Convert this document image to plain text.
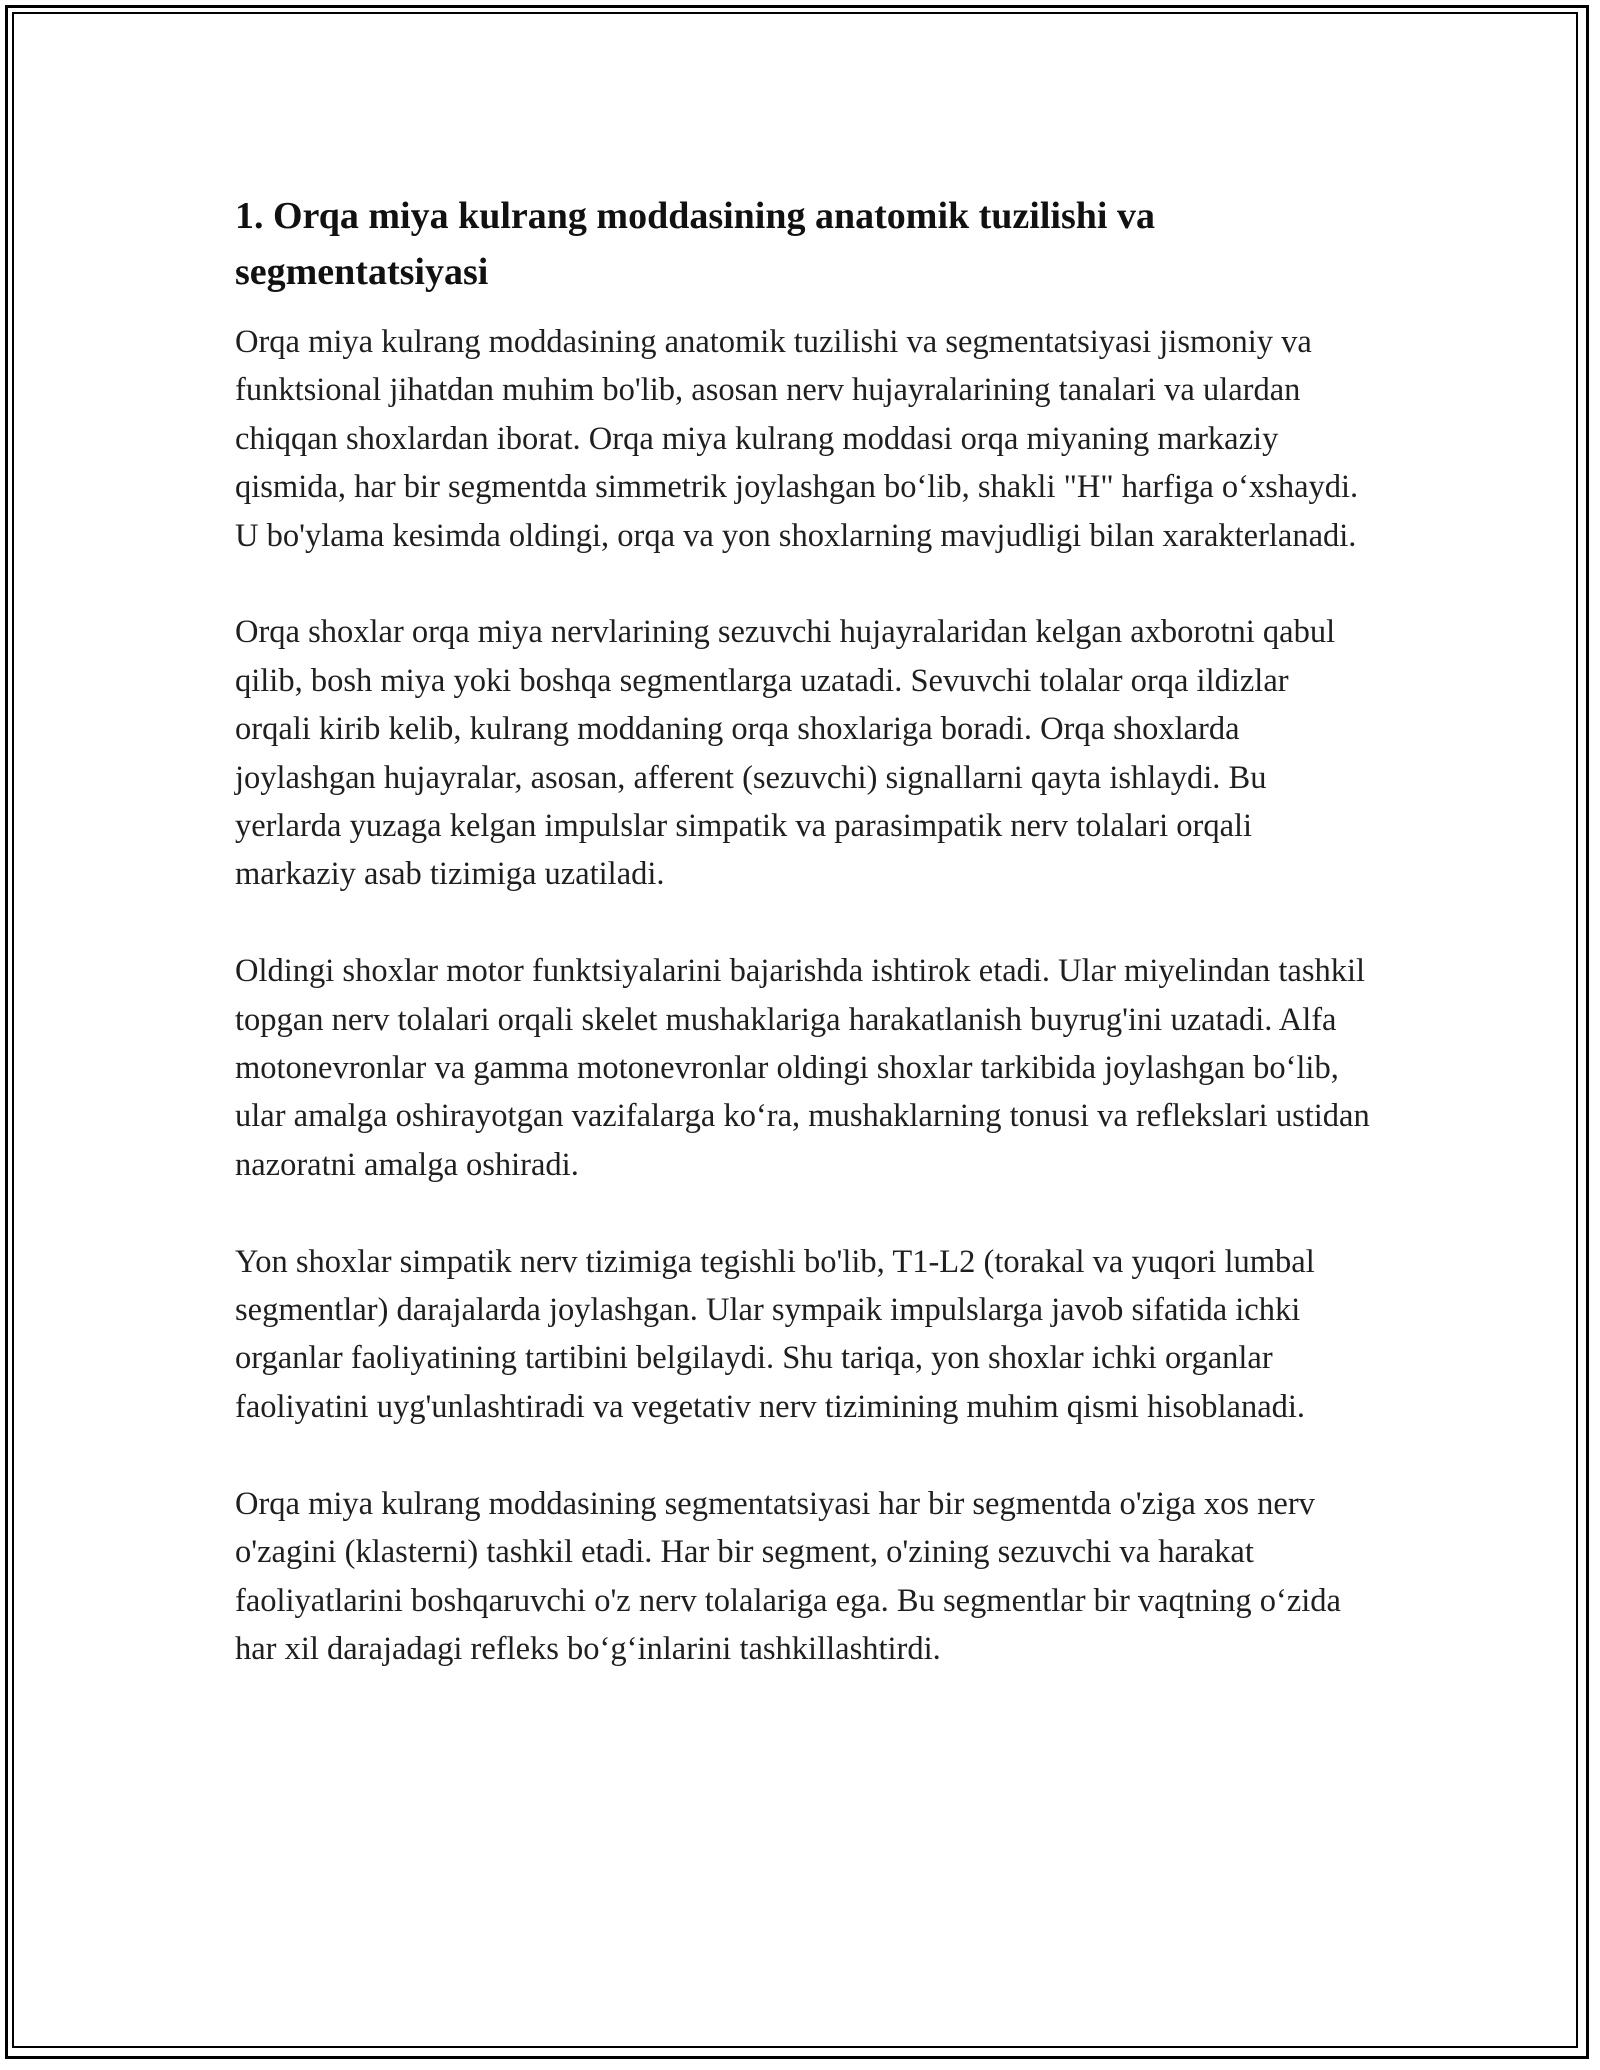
1. Orqa miya kulrang moddasining anatomik tuzilishi va segmentatsiyasi

Orqa miya kulrang moddasining anatomik tuzilishi va segmentatsiyasi jismoniy va funktsional jihatdan muhim bo'lib, asosan nerv hujayralarining tanalari va ulardan chiqqan shoxlardan iborat. Orqa miya kulrang moddasi orqa miyaning markaziy qismida, har bir segmentda simmetrik joylashgan bo‘lib, shakli "H" harfiga o‘xshaydi. U bo'ylama kesimda oldingi, orqa va yon shoxlarning mavjudligi bilan xarakterlanadi.

Orqa shoxlar orqa miya nervlarining sezuvchi hujayralaridan kelgan axborotni qabul qilib, bosh miya yoki boshqa segmentlarga uzatadi. Sevuvchi tolalar orqa ildizlar orqali kirib kelib, kulrang moddaning orqa shoxlariga boradi. Orqa shoxlarda joylashgan hujayralar, asosan, afferent (sezuvchi) signallarni qayta ishlaydi. Bu yerlarda yuzaga kelgan impulslar simpatik va parasimpatik nerv tolalari orqali markaziy asab tizimiga uzatiladi.

Oldingi shoxlar motor funktsiyalarini bajarishda ishtirok etadi. Ular miyelindan tashkil topgan nerv tolalari orqali skelet mushaklariga harakatlanish buyrug'ini uzatadi. Alfa motonevronlar va gamma motonevronlar oldingi shoxlar tarkibida joylashgan bo‘lib, ular amalga oshirayotgan vazifalarga ko‘ra, mushaklarning tonusi va reflekslari ustidan nazoratni amalga oshiradi.

Yon shoxlar simpatik nerv tizimiga tegishli bo'lib, T1-L2 (torakal va yuqori lumbal segmentlar) darajalarda joylashgan. Ular sympaik impulslarga javob sifatida ichki organlar faoliyatining tartibini belgilaydi. Shu tariqa, yon shoxlar ichki organlar faoliyatini uyg'unlashtiradi va vegetativ nerv tizimining muhim qismi hisoblanadi.

Orqa miya kulrang moddasining segmentatsiyasi har bir segmentda o'ziga xos nerv o'zagini (klasterni) tashkil etadi. Har bir segment, o'zining sezuvchi va harakat faoliyatlarini boshqaruvchi o'z nerv tolalariga ega. Bu segmentlar bir vaqtning o‘zida har xil darajadagi refleks bo‘g‘inlarini tashkillashtirdi.
